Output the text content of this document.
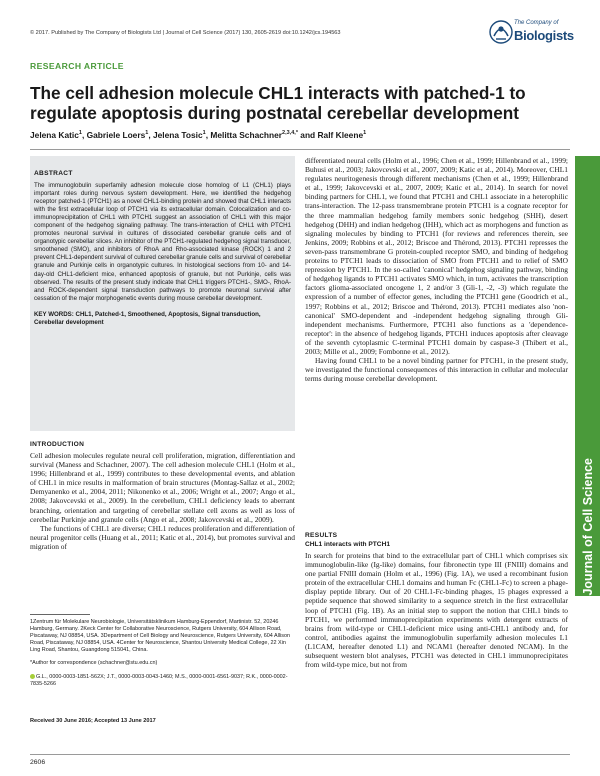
© 2017. Published by The Company of Biologists Ltd | Journal of Cell Science (2017) 130, 2605-2619 doi:10.1242/jcs.194563
The Company of
Biologists
RESEARCH ARTICLE
The cell adhesion molecule CHL1 interacts with patched-1 to regulate apoptosis during postnatal cerebellar development
Jelena Katic$^1$, Gabriele Loers$^1$, Jelena Tosic$^1$, Melitta Schachner$^{2,3,4,*}$ and Ralf Kleene$^1$
ABSTRACT
The immunoglobulin superfamily adhesion molecule close homolog of L1 (CHL1) plays important roles during nervous system development. Here, we identified the hedgehog receptor patched-1 (PTCH1) as a novel CHL1-binding protein and showed that CHL1 interacts with the first extracellular loop of PTCH1 via its extracellular domain. Colocalization and co-immunoprecipitation of CHL1 with PTCH1 suggest an association of CHL1 with this major component of the hedgehog signaling pathway. The trans-interaction of CHL1 with PTCH1 promotes neuronal survival in cultures of dissociated cerebellar granule cells and of organotypic cerebellar slices. An inhibitor of the PTCH1-regulated hedgehog signal transducer, smoothened (SMO), and inhibitors of RhoA and Rho-associated kinase (ROCK) 1 and 2 prevent CHL1-dependent survival of cultured cerebellar granule cells and survival of cerebellar granule and Purkinje cells in organotypic cultures. In histological sections from 10- and 14-day-old CHL1-deficient mice, enhanced apoptosis of granule, but not Purkinje, cells was observed. The results of the present study indicate that CHL1 triggers PTCH1-, SMO-, RhoA- and ROCK-dependent signal transduction pathways to promote neuronal survival after cessation of the major morphogenetic events during mouse cerebellar development.
KEY WORDS: CHL1, Patched-1, Smoothened, Apoptosis, Signal transduction, Cerebellar development
INTRODUCTION

Cell adhesion molecules regulate neural cell proliferation, migration, differentiation and survival (Maness and Schachner, 2007). The cell adhesion molecule CHL1 (Holm et al., 1996; Hillenbrand et al., 1999) contributes to these developmental events, and ablation of CHL1 in mice results in malformation of brain structures (Montag-Sallaz et al., 2002; Demyanenko et al., 2004, 2011; Nikonenko et al., 2006; Wright et al., 2007; Ango et al., 2008; Jakovcevski et al., 2009). In the cerebellum, CHL1 deficiency leads to aberrant branching, orientation and targeting of cerebellar stellate cell axons as well as loss of cerebellar Purkinje and granule cells (Ango et al., 2008; Jakovcevski et al., 2009).

The functions of CHL1 are diverse; CHL1 reduces proliferation and differentiation of neural progenitor cells (Huang et al., 2011; Katic et al., 2014), but promotes survival and migration of

1Zentrum für Molekulare Neurobiologie, Universitätsklinikum Hamburg-Eppendorf, Martinistr. 52, 20246 Hamburg, Germany. 2Keck Center for Collaborative Neuroscience, Rutgers University, 604 Allison Road, Piscataway, NJ 08854, USA. 3Department of Cell Biology and Neuroscience, Rutgers University, 604 Allison Road, Piscataway, NJ 08854, USA. 4Center for Neuroscience, Shantou University Medical College, 22 Xin Ling Road, Shantou, Guangdong 515041, China.

*Author for correspondence (schachner@stu.edu.cn)

G.L., 0000-0003-1851-562X; J.T., 0000-0003-0043-1460; M.S., 0000-0001-6561-9037; R.K., 0000-0002-7835-5266

Received 30 June 2016; Accepted 13 June 2017

differentiated neural cells (Holm et al., 1996; Chen et al., 1999; Hillenbrand et al., 1999; Buhusi et al., 2003; Jakovcevski et al., 2007, 2009; Katic et al., 2014). Moreover, CHL1 regulates neuritogenesis through different mechanisms (Chen et al., 1999; Hillenbrand et al., 1999; Jakovcevski et al., 2007, 2009; Katic et al., 2014). In search for novel binding partners for CHL1, we found that PTCH1 and CHL1 associate in a heterophilic trans-interaction. The 12-pass transmembrane protein PTCH1 is a cognate receptor for the three mammalian hedgehog family members sonic hedgehog (SHH), desert hedgehog (DHH) and indian hedgehog (IHH), which act as morphogens and function as signaling molecules by binding to PTCH1 (for reviews and references therein, see Jenkins, 2009; Robbins et al., 2012; Briscoe and Thérond, 2013). PTCH1 represses the seven-pass transmembrane G protein-coupled receptor SMO, and binding of hedgehog proteins to PTCH1 leads to dissociation of SMO from PTCH1 and to relief of SMO repression by PTCH1. In the so-called 'canonical' hedgehog signaling pathway, binding of hedgehog ligands to PTCH1 activates SMO which, in turn, activates the transcription factors glioma-associated oncogene 1, 2 and/or 3 (Gli-1, -2, -3) which regulate the expression of a number of effector genes, including the PTCH1 gene (Goodrich et al., 1997; Robbins et al., 2012; Briscoe and Thérond, 2013). PTCH1 mediates also 'non-canonical' SMO-dependent and -independent hedgehog signaling through Gli-independent mechanisms. Furthermore, PTCH1 also functions as a 'dependence-receptor': in the absence of hedgehog ligands, PTCH1 induces apoptosis after cleavage of the seventh cytoplasmic C-terminal PTCH1 domain by caspase-3 (Thibert et al., 2003; Mille et al., 2009; Fombonne et al., 2012).

Having found CHL1 to be a novel binding partner for PTCH1, in the present study, we investigated the functional consequences of this interaction in cellular and molecular terms during mouse cerebellar development.

RESULTS
CHL1 interacts with PTCH1

In search for proteins that bind to the extracellular part of CHL1 which comprises six immunoglobulin-like (Ig-like) domains, four fibronectin type III (FNIII) domains and one partial FNIII domain (Holm et al., 1996) (Fig. 1A), we used a recombinant fusion protein of the extracellular CHL1 domains and human Fc (CHL1-Fc) to screen a phage-display peptide library. Out of 20 CHL1-Fc-binding phages, 15 phages expressed a peptide sequence that showed similarity to a sequence stretch in the first extracellular loop of PTCH1 (Fig. 1B). As an initial step to support the notion that CHL1 binds to PTCH1, we performed immunoprecipitation experiments with detergent extracts of brains from wild-type or CHL1-deficient mice using anti-CHL1 antibody and, for control, antibodies against the immunoglobulin superfamily adhesion molecules L1 (L1CAM, hereafter denoted L1) and NCAM1 (hereafter denoted NCAM). In the subsequent western blot analyses, PTCH1 was detected in CHL1 immunoprecipitates from wild-type mice, but not from

Journal of Cell Science
2606
